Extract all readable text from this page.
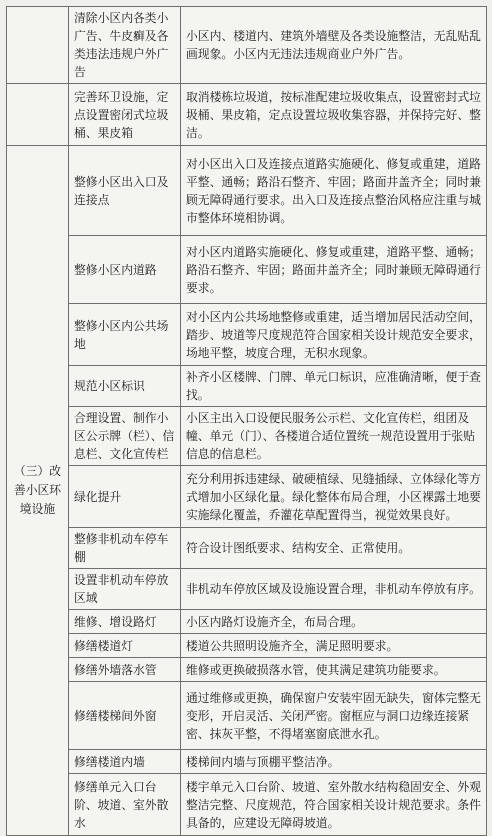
	清除小区内各类小广告、牛皮癣及各类违法违规户外广告	小区内、楼道内、建筑外墙壁及各类设施整洁，无乱贴乱画现象。小区内无违法违规商业户外广告。
	完善环卫设施，定点设置密闭式垃圾桶、果皮箱	取消楼栋垃圾道，按标准配建垃圾收集点，设置密封式垃圾桶、果皮箱，定点设置垃圾收集容器，并保持完好、整洁。
（三）改善小区环境设施	整修小区出入口及连接点	对小区出入口及连接点道路实施硬化、修复或重建，道路平整、通畅；路沿石整齐、牢固；路面井盖齐全；同时兼顾无障碍通行要求。出入口及连接点整治风格应注重与城市整体环境相协调。
	整修小区内道路	对小区内道路实施硬化、修复或重建，道路平整、通畅；路沿石整齐、牢固；路面井盖齐全；同时兼顾无障碍通行要求。
	整修小区内公共场地	对小区内公共场地整修或重建，适当增加居民活动空间，踏步、坡道等尺度规范符合国家相关设计规范安全要求，场地平整，坡度合理，无积水现象。
	规范小区标识	补齐小区楼牌、门牌、单元口标识，应准确清晰，便于查找。
	合理设置、制作小区公示牌（栏）、信息栏、文化宣传栏	小区主出入口设便民服务公示栏、文化宣传栏，组团及幢、单元（门）、各楼道合适位置统一规范设置用于张贴信息的信息栏。
	绿化提升	充分利用拆违建绿、破硬植绿、见缝插绿、立体绿化等方式增加小区绿化量。绿化整体布局合理，小区裸露土地要实施绿化覆盖，乔灌花草配置得当，视觉效果良好。
	整修非机动车停车棚	符合设计图纸要求、结构安全、正常使用。
	设置非机动车停放区域	非机动车停放区域及设施设置合理，非机动车停放有序。
	维修、增设路灯	小区内路灯设施齐全，布局合理。
	修缮楼道灯	楼道公共照明设施齐全，满足照明要求。
	修缮外墙落水管	维修或更换破损落水管，使其满足建筑功能要求。
	修缮楼梯间外窗	通过维修或更换，确保窗户安装牢固无缺失，窗体完整无变形，开启灵活、关闭严密。窗框应与洞口边缘连接紧密、抹灰平整，不得堵塞窗底泄水孔。
	修缮楼道内墙	楼梯间内墙与顶棚平整洁净。
	修缮单元入口台阶、坡道、室外散水	楼宇单元入口台阶、坡道、室外散水结构稳固安全、外观整洁完整、尺度规范，符合国家相关设计规范要求。条件具备的，应建设无障碍坡道。
